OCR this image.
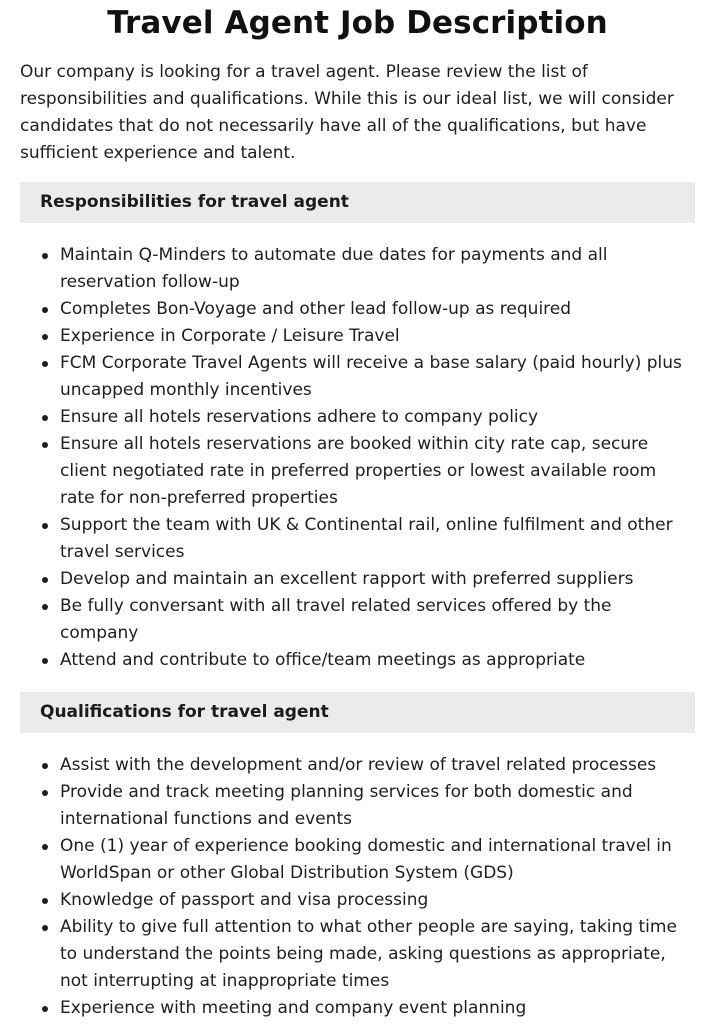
Travel Agent Job Description

Our company is looking for a travel agent. Please review the list of responsibilities and qualifications. While this is our ideal list, we will consider candidates that do not necessarily have all of the qualifications, but have sufficient experience and talent.

Responsibilities for travel agent
Maintain Q-Minders to automate due dates for payments and all reservation follow-up
Completes Bon-Voyage and other lead follow-up as required
Experience in Corporate / Leisure Travel
FCM Corporate Travel Agents will receive a base salary (paid hourly) plus uncapped monthly incentives
Ensure all hotels reservations adhere to company policy
Ensure all hotels reservations are booked within city rate cap, secure client negotiated rate in preferred properties or lowest available room rate for non-preferred properties
Support the team with UK & Continental rail, online fulfilment and other travel services
Develop and maintain an excellent rapport with preferred suppliers
Be fully conversant with all travel related services offered by the company
Attend and contribute to office/team meetings as appropriate
Qualifications for travel agent
Assist with the development and/or review of travel related processes
Provide and track meeting planning services for both domestic and international functions and events
One (1) year of experience booking domestic and international travel in WorldSpan or other Global Distribution System (GDS)
Knowledge of passport and visa processing
Ability to give full attention to what other people are saying, taking time to understand the points being made, asking questions as appropriate, not interrupting at inappropriate times
Experience with meeting and company event planning
